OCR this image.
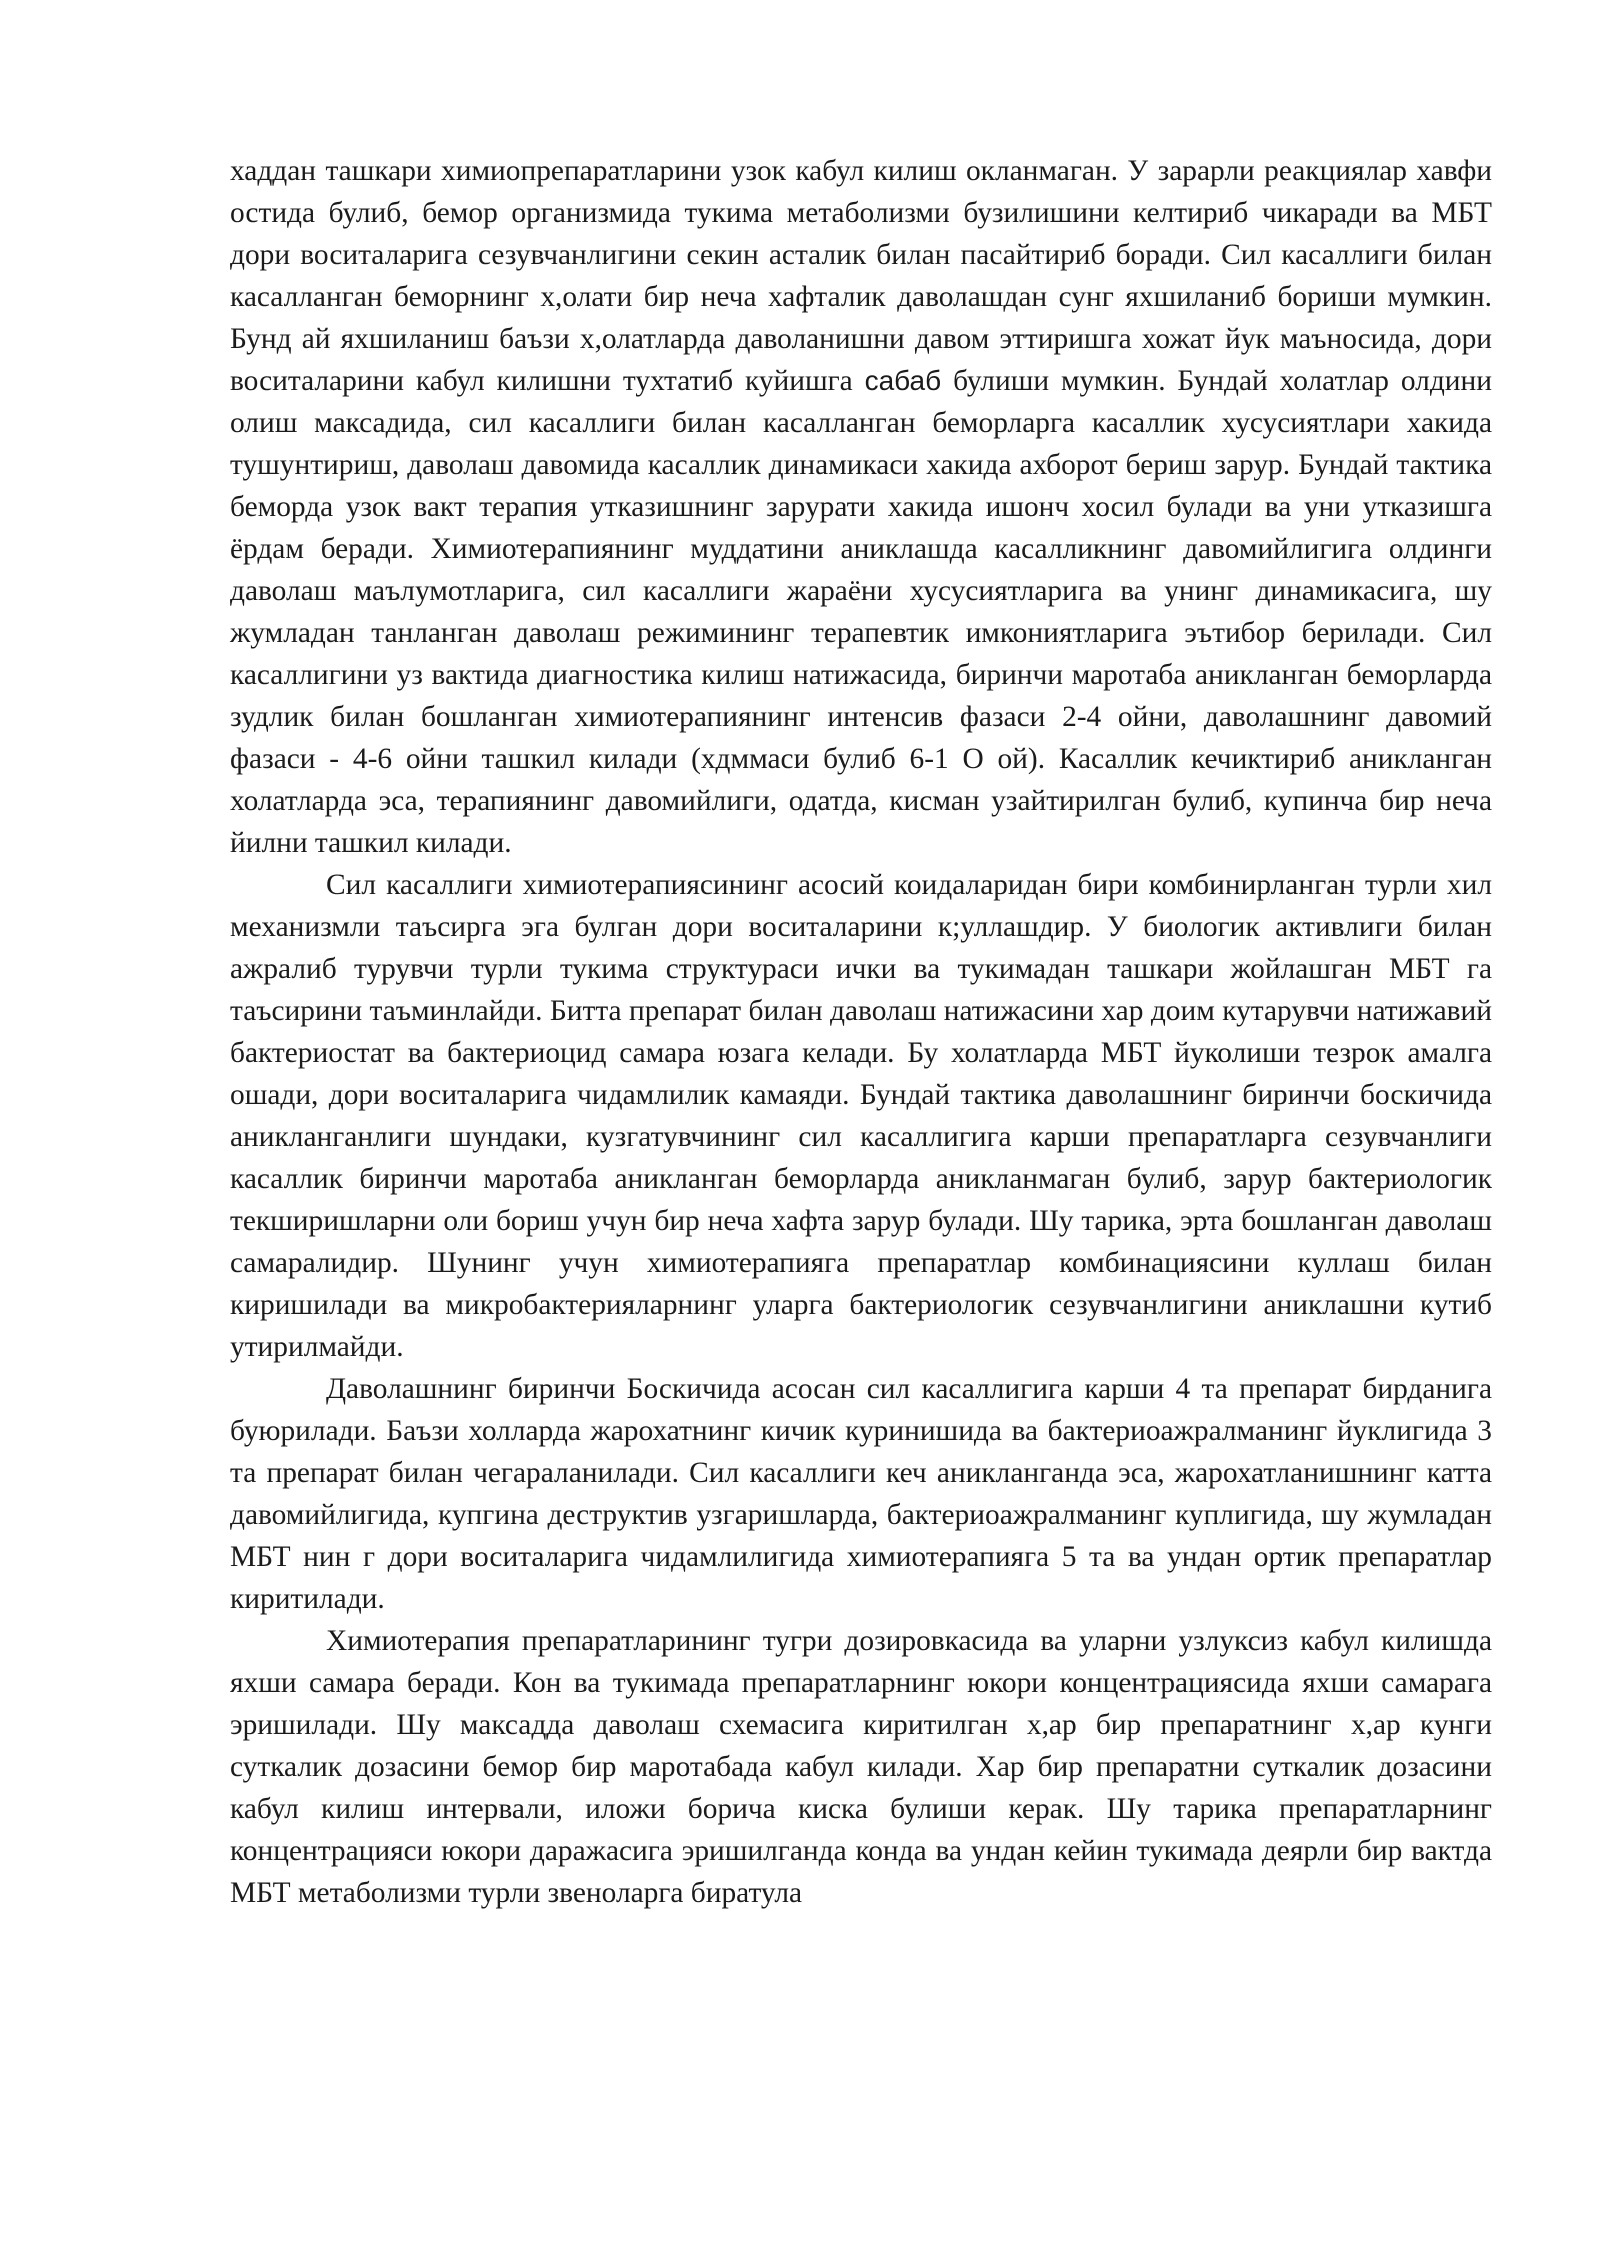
хаддан ташкари химиопрепаратларини узок кабул килиш окланмаган. У зарарли реакциялар хавфи остида булиб, бемор организмида тукима метаболизми бузилишини келтириб чикаради ва МБТ дори воситаларига сезувчанлигини секин асталик билан пасайтириб боради. Сил касаллиги билан касалланган беморнинг х,олати бир неча хафталик даволашдан сунг яхшиланиб бориши мумкин. Бунд ай яхшиланиш баъзи х,олатларда даволанишни давом эттиришга хожат йук маъносида, дори воситаларини кабул килишни тухтатиб куйишга сабаб булиши мумкин. Бундай холатлар олдини олиш максадида, сил касаллиги билан касалланган беморларга касаллик хусусиятлари хакида тушунтириш, даволаш давомида касаллик динамикаси хакида ахборот бериш зарур. Бундай тактика беморда узок вакт терапия утказишнинг зарурати хакида ишонч хосил булади ва уни утказишга ёрдам беради. Химиотерапиянинг муддатини аниклашда касалликнинг давомийлигига олдинги даволаш маълумотларига, сил касаллиги жараёни хусусиятларига ва унинг динамикасига, шу жумладан танланган даволаш режимининг терапевтик имкониятларига эътибор берилади. Сил касаллигини уз вактида диагностика килиш натижасида, биринчи маротаба аникланган беморларда зудлик билан бошланган химиотерапиянинг интенсив фазаси 2-4 ойни, даволашнинг давомий фазаси - 4-6 ойни ташкил килади (хдммаси булиб 6-1 О ой). Касаллик кечиктириб аникланган холатларда эса, терапиянинг давомийлиги, одатда, кисман узайтирилган булиб, купинча бир неча йилни ташкил килади.

Сил касаллиги химиотерапиясининг асосий коидаларидан бири комбинирланган турли хил механизмли таъсирга эга булган дори воситаларини к;уллашдир. У биологик активлиги билан ажралиб турувчи турли тукима структураси ички ва тукимадан ташкари жойлашган МБТ га таъсирини таъминлайди. Битта препарат билан даволаш натижасини хар доим кутарувчи натижавий бактериостат ва бактериоцид самара юзага келади. Бу холатларда МБТ йуколиши тезрок амалга ошади, дори воситаларига чидамлилик камаяди. Бундай тактика даволашнинг биринчи боскичида аникланганлиги шундаки, кузгатувчининг сил касаллигига карши препаратларга сезувчанлиги касаллик биринчи маротаба аникланган беморларда аникланмаган булиб, зарур бактериологик текширишларни оли бориш учун бир неча хафта зарур булади. Шу тарика, эрта бошланган даволаш самаралидир. Шунинг учун химиотерапияга препаратлар комбинациясини куллаш билан киришилади ва микробактерияларнинг уларга бактериологик сезувчанлигини аниклашни кутиб утирилмайди.

Даволашнинг биринчи Боскичида асосан сил касаллигига карши 4 та препарат бирданига буюрилади. Баъзи холларда жарохатнинг кичик куринишида ва бактериоажралманинг йуклигида 3 та препарат билан чегараланилади. Сил касаллиги кеч аникланганда эса, жарохатланишнинг катта давомийлигида, купгина деструктив узгаришларда, бактериоажралманинг куплигида, шу жумладан МБТ нин г дори воситаларига чидамлилигида химиотерапияга 5 та ва ундан ортик препаратлар киритилади.

Химиотерапия препаратларининг тугри дозировкасида ва уларни узлуксиз кабул килишда яхши самара беради. Кон ва тукимада препаратларнинг юкори концентрациясида яхши самарага эришилади. Шу максадда даволаш схемасига киритилган х,ар бир препаратнинг х,ар кунги суткалик дозасини бемор бир маротабада кабул килади. Хар бир препаратни суткалик дозасини кабул килиш интервали, иложи борича киска булиши керак. Шу тарика препаратларнинг концентрацияси юкори даражасига эришилганда конда ва ундан кейин тукимада деярли бир вактда МБТ метаболизми турли звеноларга биратула
